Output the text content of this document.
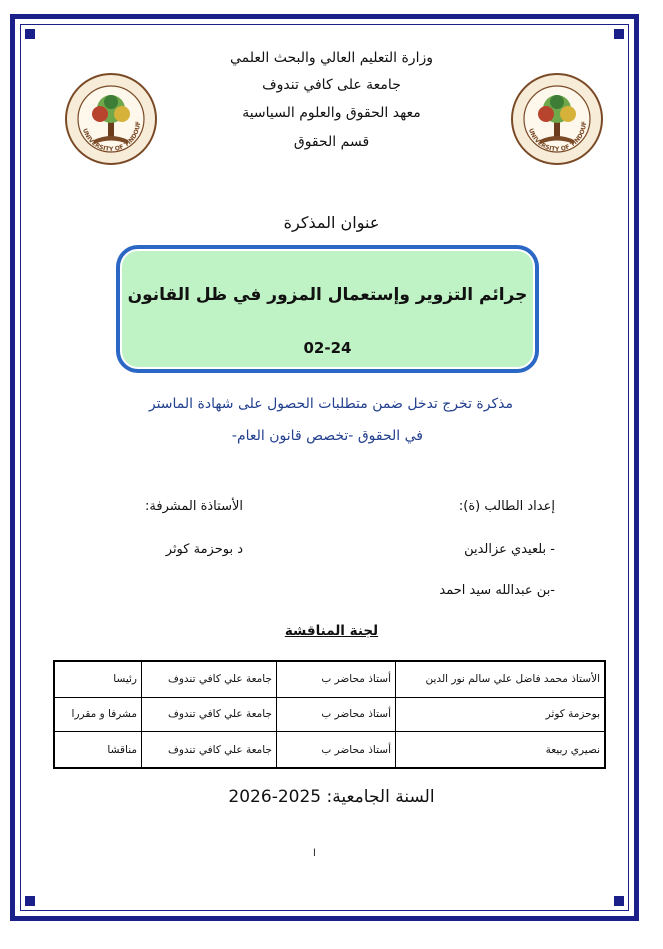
UNIVERSITY OF TINDOUF
UNIVERSITY OF TINDOUF
وزارة التعليم العالي والبحث العلمي
جامعة على كافي تندوف
معهد الحقوق والعلوم السياسية
قسم الحقوق
عنوان المذكرة
جرائم التزوير وإستعمال المزور في ظل القانون
02-24
مذكرة تخرج تدخل ضمن متطلبات الحصول على شهادة الماستر
في الحقوق -تخصص قانون العام-
إعداد الطالب (ة):
الأستاذة المشرفة:
- بلعيدي عزالدين
د بوحزمة كوثر
-بن عبدالله سيد احمد
لجنة المناقشة
الأستاذ محمد فاضل علي سالم نور الدين	أستاذ محاضر ب	جامعة علي كافي تندوف	رئيسا
بوحزمة كوثر	أستاذ محاضر ب	جامعة علي كافي تندوف	مشرفا و مقررا
نصيري ربيعة	أستاذ محاضر ب	جامعة علي كافي تندوف	مناقشا
السنة الجامعية: 2025-2026
ا
